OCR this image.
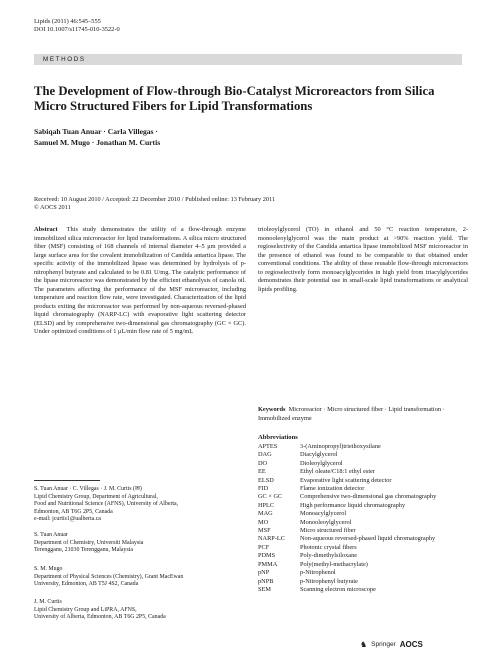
Lipids (2011) 46:545–555
DOI 10.1007/s11745-010-3522-0
METHODS
The Development of Flow-through Bio-Catalyst Microreactors from Silica Micro Structured Fibers for Lipid Transformations
Sabiqah Tuan Anuar · Carla Villegas ·
Samuel M. Mugo · Jonathan M. Curtis
Received: 10 August 2010 / Accepted: 22 December 2010 / Published online: 13 February 2011
© AOCS 2011
Abstract This study demonstrates the utility of a flow-through enzyme immobilized silica microreactor for lipid transformations. A silica micro structured fiber (MSF) consisting of 168 channels of internal diameter 4–5 μm provided a large surface area for the covalent immobilization of Candida antartica lipase. The specific activity of the immobilized lipase was determined by hydrolysis of p-nitrophenyl butyrate and calculated to be 0.81 U/mg. The catalytic performance of the lipase microreactor was demonstrated by the efficient ethanolysis of canola oil. The parameters affecting the performance of the MSF microreactor, including temperature and reaction flow rate, were investigated. Characterization of the lipid products exiting the microreactor was performed by non-aqueous reversed-phased liquid chromatography (NARP-LC) with evaporative light scattering detector (ELSD) and by comprehensive two-dimensional gas chromatography (GC × GC). Under optimized conditions of 1 μL/min flow rate of 5 mg/mL
trioleoylglycerol (TO) in ethanol and 50 °C reaction temperature, 2-monooleoylglycerol was the main product at >90% reaction yield. The regioselectivity of the Candida antartica lipase immobilized MSF microreactor in the presence of ethanol was found to be comparable to that obtained under conventional conditions. The ability of these reusable flow-through microreactors to regioselectively form monoacylglycerides in high yield from triacylglycerides demonstrates their potential use in small-scale lipid transformations or analytical lipids profiling.
Keywords Microreactor · Micro structured fiber · Lipid transformation · Immobilized enzyme
Abbreviations
APTES	3-(Aminopropyl)triethoxysilane
DAG	Diacylglycerol
DO	Dioleoylglycerol
EE	Ethyl oleate/C18:1 ethyl ester
ELSD	Evaporative light scattering detector
FID	Flame ionization detector
GC × GC	Comprehensive two-dimensional gas chromatography
HPLC	High performance liquid chromatography
MAG	Monoacylglycerol
MO	Monooleoylglycerol
MSF	Micro structured fiber
NARP-LC	Non-aqueous reversed-phased liquid chromatography
PCF	Photonic crystal fibers
PDMS	Poly-dimethylsiloxane
PMMA	Poly(methyl-methacrylate)
pNP	p-Nitrophenol
pNPB	p-Nitrophenyl butyrate
SEM	Scanning electron microscope
S. Tuan Anuar · C. Villegas · J. M. Curtis (✉)
Lipid Chemistry Group, Department of Agricultural,
Food and Nutritional Science (AFNS), University of Alberta,
Edmonton, AB T6G 2P5, Canada
e-mail: jcurtis1@ualberta.ca
S. Tuan Anuar
Department of Chemistry, Universiti Malaysia
Terengganu, 21030 Terengganu, Malaysia
S. M. Mugo
Department of Physical Sciences (Chemistry), Grant MacEwan
University, Edmonton, AB T5J 4S2, Canada
J. M. Curtis
Lipid Chemistry Group and LiPRA, AFNS,
University of Alberta, Edmonton, AB T6G 2P5, Canada
♞ Springer AOCS
